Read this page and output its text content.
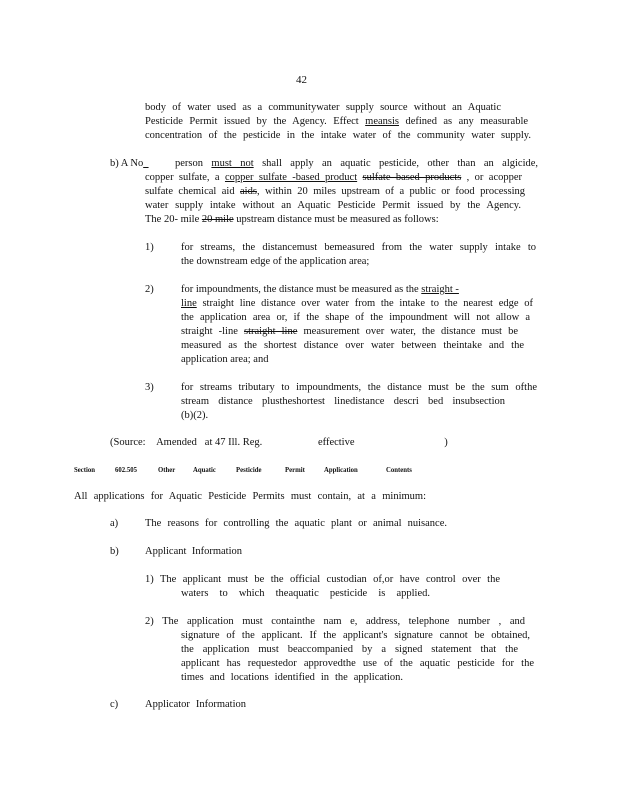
42
body of water used as a communitywater supply source without an Aquatic
Pesticide Permit issued by the Agency. Effect meansis defined as any measurable
concentration of the pesticide in the intake water of the community water supply.
b) A No_	person must not shall apply an aquatic pesticide, other than an algicide,
copper sulfate, a copper sulfate -based product sulfate based products , or acopper
sulfate chemical aid aids, within 20 miles upstream of a public or food processing
water supply intake without an Aquatic Pesticide Permit issued by the Agency.
The 20- mile 20 mile upstream distance must be measured as follows:
1)	for streams, the distancemust bemeasured from the water supply intake to
the downstream edge of the application area;
2)	for impoundments, the distance must be measured as the straight -
line straight line distance over water from the intake to the nearest edge of
the application area or, if the shape of the impoundment will not allow a
straight -line straight line measurement over water, the distance must be
measured as the shortest distance over water between theintake and the
application area; and
3)	for streams tributary to impoundments, the distance must be the sum ofthe
stream distance plustheshortest linedistance descri bed insubsection
(b)(2).
(Source: Amended at 47 Ill. Reg.	effective	)
Section	602.505	Other Aquatic	Pesticide	Permit	Application	Contents
All applications for Aquatic Pesticide Permits must contain, at a minimum:
a)	The reasons for controlling the aquatic plant or animal nuisance.
b)	Applicant Information
1) The applicant must be the official custodian of,or have control over the
waters to which theaquatic pesticide is applied.
2) The application must containthe nam e, address, telephone number , and
signature of the applicant. If the applicant's signature cannot be obtained,
the application must beaccompanied by a signed statement that the
applicant has requestedor approvedthe use of the aquatic pesticide for the
times and locations identified in the application.
c)	Applicator Information
